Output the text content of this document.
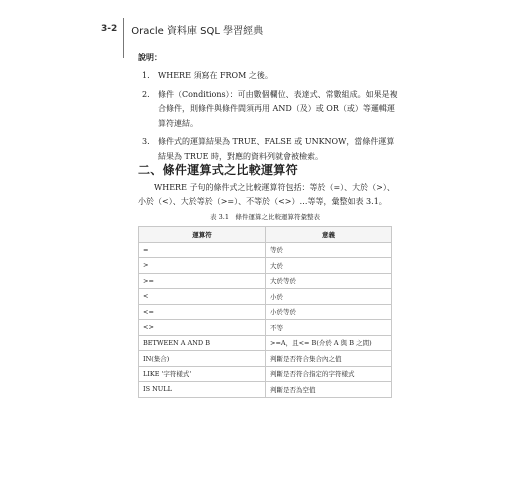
3-2 Oracle 資料庫 SQL 學習經典
說明：
1.	WHERE 須寫在 FROM 之後。
2.	條件（Conditions）：可由數個欄位、表達式、常數組成。如果是複合條件，則條件與條件間須再用 AND（及）或 OR（或）等邏輯運算符連結。
3.	條件式的運算結果為 TRUE、FALSE 或 UNKNOW，當條件運算結果為 TRUE 時，對應的資料列就會被檢索。
二、條件運算式之比較運算符

WHERE 子句的條件式之比較運算符包括：等於（=）、大於（>）、小於（<）、大於等於（>=）、不等於（<>）…等等，彙整如表 3.1。

表 3.1　條件運算之比較運算符彙整表
運算符	意義
=	等於
>	大於
>=	大於等於
<	小於
<=	小於等於
<>	不等
BETWEEN A AND B	>=A，且<= B(介於 A 與 B 之間)
IN(集合)	判斷是否符合集合內之值
LIKE '字符樣式'	判斷是否符合指定的字符樣式
IS NULL	判斷是否為空值
